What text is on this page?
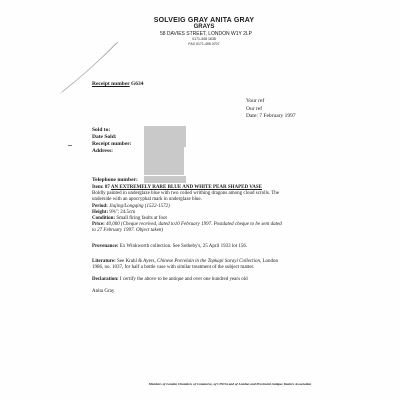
SOLVEIG GRAY ANITA GRAY
GRAYS
58 DAVIES STREET, LONDON W1Y 2LP
0171-408 1638
FAX 0171-495 0707
Receipt number G634
Your ref
Our ref
Date: 7 February 1997
Sold to:
Date Sold:
Receipt number:
Address:
Telephone number:

Item: 87 AN EXTREMELY RARE BLUE AND WHITE PEAR SHAPED VASE

Boldly painted in underglaze blue with two coiled writhing dragons among cloud scrolls. The

underside with an apocryphal mark in underglaze blue.

Period: Jiajing/Longqing (1522-1572)

Height: 9⅝"; 24.5cm

Condition: Small firing faults at foot

Price: 40,000 (Cheque received, dated to10 February 1997. Postdated cheque to be sent dated

to 27 February 1997. Object taken)

Provenance: Ex Winkworth collection. See Sotheby's, 25 April 1933 lot 156.

Literature: See Krahl & Ayers, Chinese Porcelain in the Topkapi Sarayi Collection, London

1986, no. 1037, for half a bottle vase with similar treatment of the subject matter.

Declaration: I certify the above to be antique and over one hundred years old

Anita Gray

Members of London Chambers of Commerce, of CINOA and of London and Provincial Antique Dealers Association
